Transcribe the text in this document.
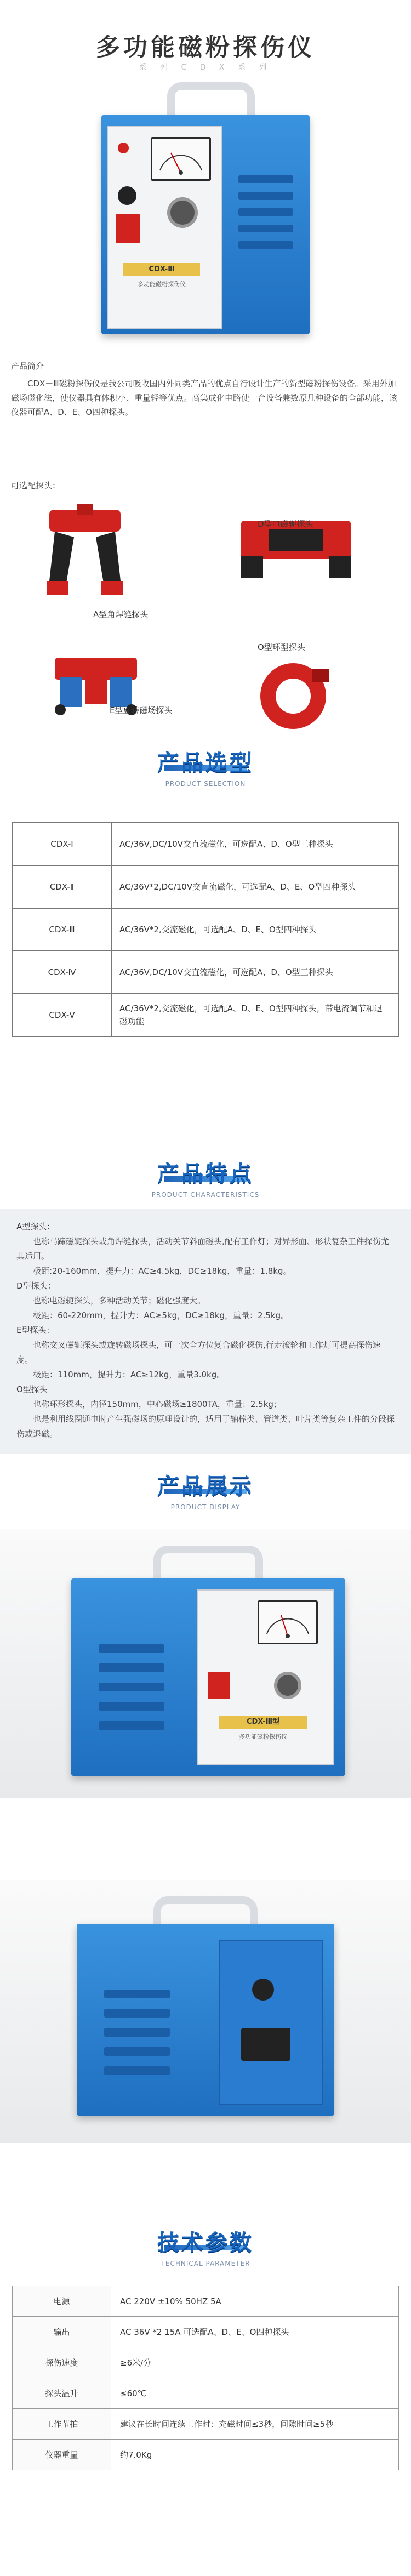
多功能磁粉探伤仪
系 列 C D X 系 列
CDX-Ⅲ
多功能磁粉探伤仪
产品简介

CDX－Ⅲ磁粉探伤仪是我公司吸收国内外同类产品的优点自行设计生产的新型磁粉探伤设备。采用外加磁场磁化法，使仪器具有体积小、重量轻等优点。高集成化电路使一台设备兼数原几种设备的全部功能，该仪器可配A、D、E、O四种探头。

可选配探头：
A型角焊缝探头
D型电磁轭探头
E型旋转磁场探头
O型环型探头
产品选型
PRODUCT SELECTION
CDX-Ⅰ	AC/36V,DC/10V交直流磁化，可选配A、D、O型三种探头
CDX-Ⅱ	AC/36V*2,DC/10V交直流磁化，可选配A、D、E、O型四种探头
CDX-Ⅲ	AC/36V*2,交流磁化，可选配A、D、E、O型四种探头
CDX-Ⅳ	AC/36V,DC/10V交直流磁化，可选配A、D、O型三种探头
CDX-Ⅴ	AC/36V*2,交流磁化，可选配A、D、E、O型四种探头，带电流调节和退磁功能
产品特点
PRODUCT CHARACTERISTICS
A型探头：
也称马蹄磁轭探头或角焊缝探头，活动关节斜面磁头,配有工作灯；对异形面、形状复杂工件探伤尤其适用。
极距:20-160mm，提升力：AC≥4.5kg，DC≥18kg，重量：1.8kg。
D型探头：
也称电磁轭探头，多种活动关节；磁化强度大。
极距：60-220mm，提升力：AC≥5kg，DC≥18kg，重量：2.5kg。
E型探头：
也称交叉磁轭探头或旋转磁场探头，可一次全方位复合磁化探伤,行走滚轮和工作灯可提高探伤速度。
极距：110mm，提升力：AC≥12kg，重量3.0kg。
O型探头
也称环形探头，内径150mm，中心磁场≥1800TA，重量：2.5kg；
也是利用线圈通电时产生强磁场的原理设计的，适用于轴棒类、管道类、叶片类等复杂工件的分段探伤或退磁。
产品展示
PRODUCT DISPLAY
CDX-Ⅲ型
多功能磁粉探伤仪
技术参数
TECHNICAL PARAMETER
电源	AC 220V ±10% 50HZ 5A
输出	AC 36V *2 15A 可选配A、D、E、O四种探头
探伤速度	≥6米/分
探头温升	≤60℃
工作节拍	建议在长时间连续工作时：充磁时间≤3秒，间隙时间≥5秒
仪器重量	约7.0Kg
